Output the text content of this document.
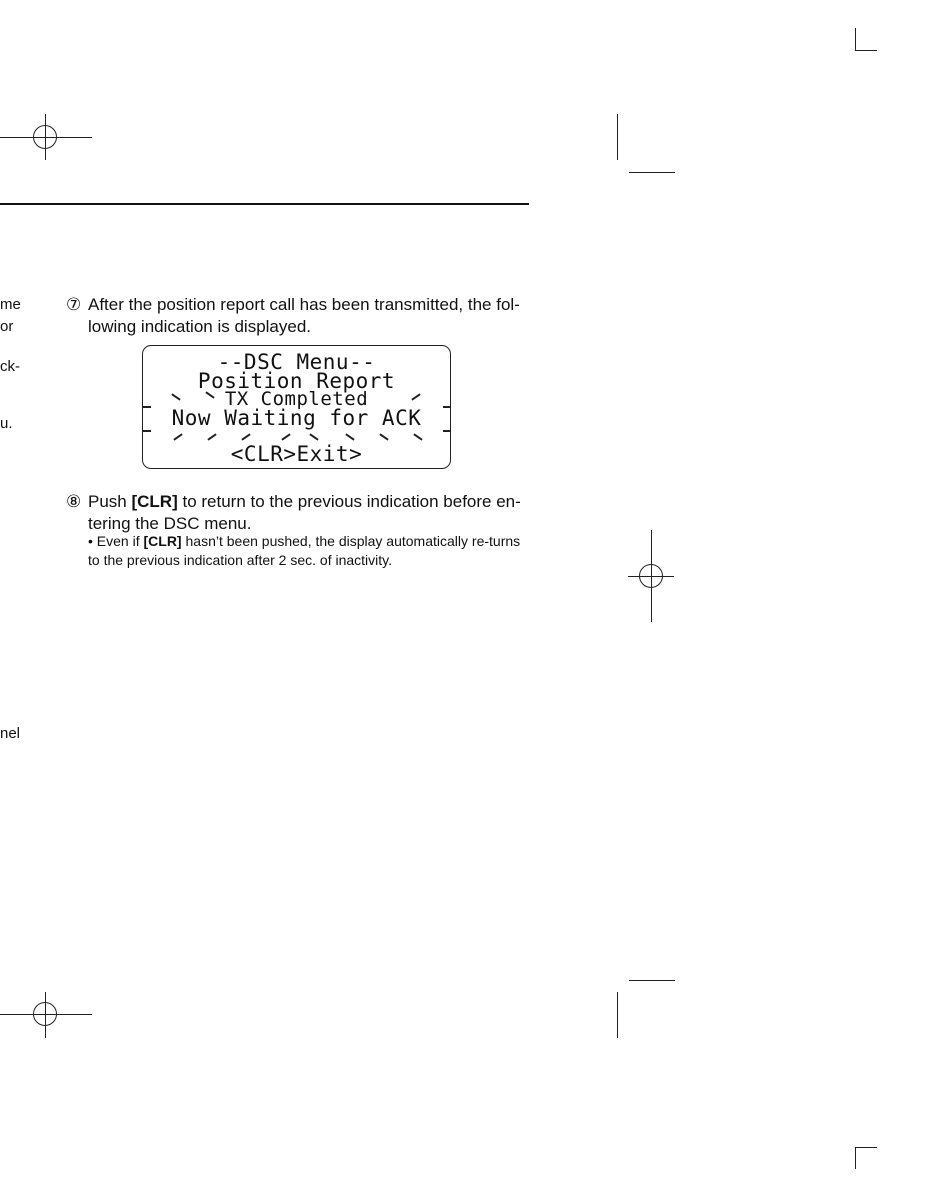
me
or
ck-
u.
nel
⑦ After the position report call has been transmitted, the fol-lowing indication is displayed.
--DSC Menu--
Position Report
TX Completed
Now Waiting for ACK
<CLR>Exit>
⑧ Push [CLR] to return to the previous indication before en-tering the DSC menu.
• Even if [CLR] hasn’t been pushed, the display automatically re-turns to the previous indication after 2 sec. of inactivity.
